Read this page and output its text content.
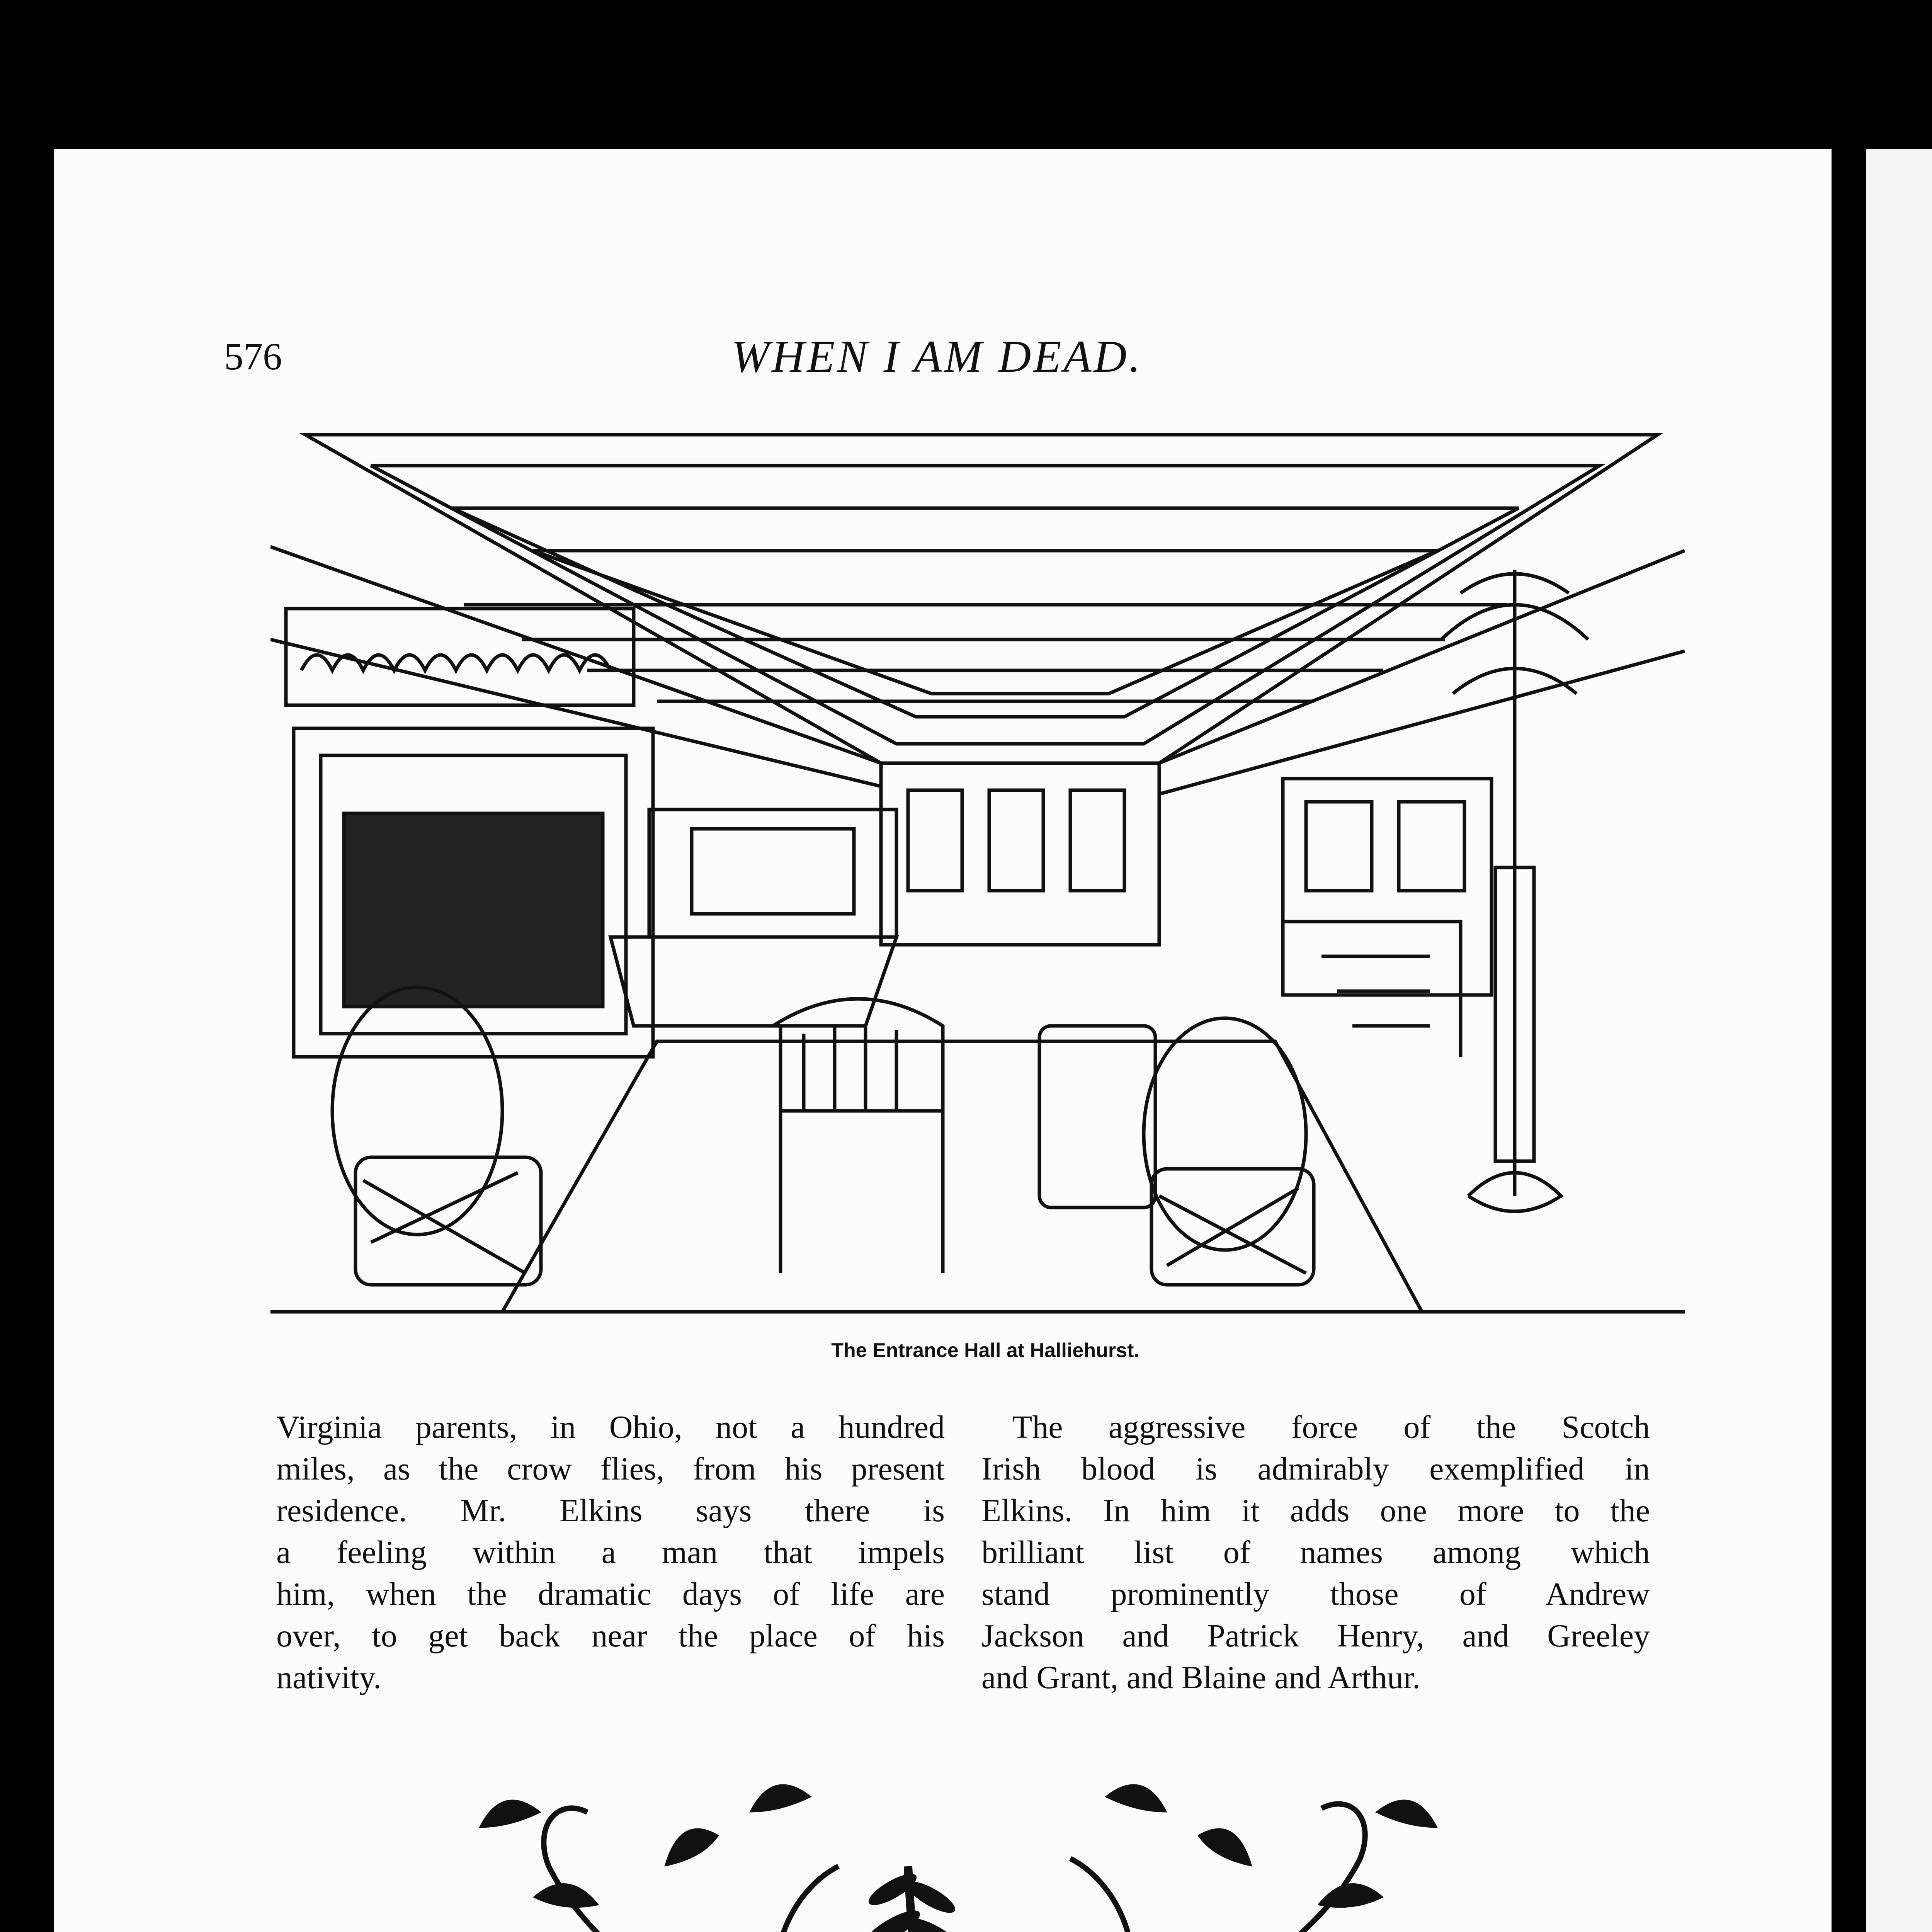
576	WHEN I AM DEAD.
The Entrance Hall at Halliehurst.
Virginia parents, in Ohio, not a hundred
miles, as the crow flies, from his present
residence. Mr. Elkins says there is
a feeling within a man that impels
him, when the dramatic days of life are
over, to get back near the place of his
nativity.
The aggressive force of the Scotch
Irish blood is admirably exemplified in
Elkins. In him it adds one more to the
brilliant list of names among which
stand prominently those of Andrew
Jackson and Patrick Henry, and Greeley
and Grant, and Blaine and Arthur.
